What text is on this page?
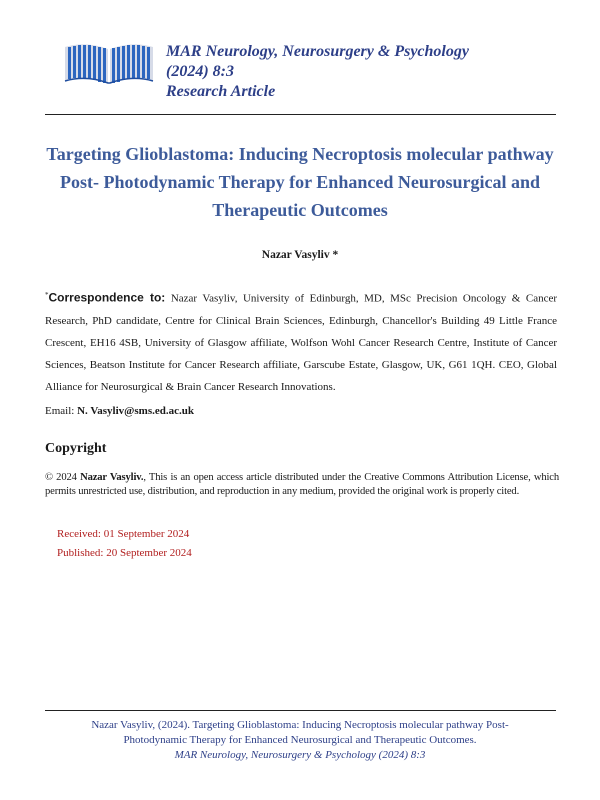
MAR Neurology, Neurosurgery & Psychology
(2024) 8:3
Research Article
Targeting Glioblastoma: Inducing Necroptosis molecular pathway
Post- Photodynamic Therapy for Enhanced Neurosurgical and
Therapeutic Outcomes
Nazar Vasyliv *
*Correspondence to: Nazar Vasyliv, University of Edinburgh, MD, MSc Precision Oncology & Cancer Research, PhD candidate, Centre for Clinical Brain Sciences, Edinburgh, Chancellor's Building 49 Little France Crescent, EH16 4SB, University of Glasgow affiliate, Wolfson Wohl Cancer Research Centre, Institute of Cancer Sciences, Beatson Institute for Cancer Research affiliate, Garscube Estate, Glasgow, UK, G61 1QH. CEO, Global Alliance for Neurosurgical & Brain Cancer Research Innovations.
Email: N. Vasyliv@sms.ed.ac.uk
Copyright
© 2024 Nazar Vasyliv., This is an open access article distributed under the Creative Commons Attribution License, which permits unrestricted use, distribution, and reproduction in any medium, provided the original work is properly cited.
Received: 01 September 2024
Published: 20 September 2024
Nazar Vasyliv, (2024). Targeting Glioblastoma: Inducing Necroptosis molecular pathway Post-
Photodynamic Therapy for Enhanced Neurosurgical and Therapeutic Outcomes.
MAR Neurology, Neurosurgery & Psychology (2024) 8:3
